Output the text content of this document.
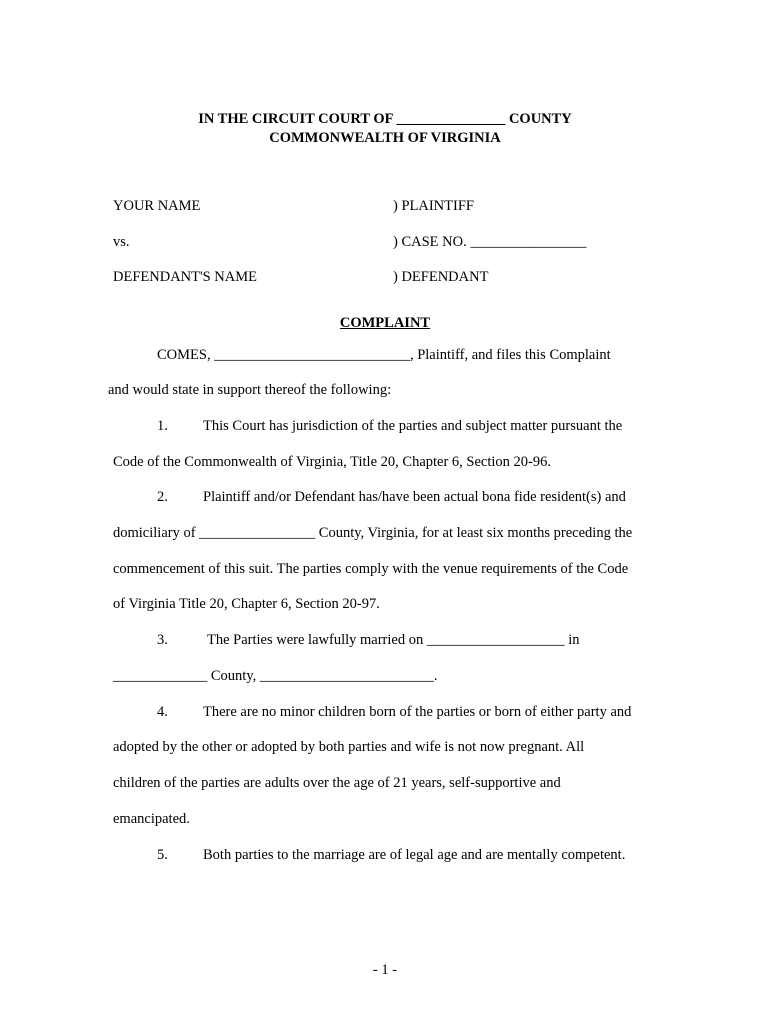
IN THE CIRCUIT COURT OF _______________ COUNTY
COMMONWEALTH OF VIRGINIA
YOUR NAME	) PLAINTIFF
vs.	) CASE NO. ________________
DEFENDANT'S NAME	) DEFENDANT
COMPLAINT
COMES, ___________________________, Plaintiff, and files this Complaint
and would state in support thereof the following:
1. This Court has jurisdiction of the parties and subject matter pursuant the
Code of the Commonwealth of Virginia, Title 20, Chapter 6, Section 20-96.
2. Plaintiff and/or Defendant has/have been actual bona fide resident(s) and
domiciliary of ________________ County, Virginia, for at least six months preceding the
commencement of this suit. The parties comply with the venue requirements of the Code
of Virginia Title 20, Chapter 6, Section 20-97.
3.	The Parties were lawfully married on ___________________ in
_____________ County, ________________________.
4. There are no minor children born of the parties or born of either party and
adopted by the other or adopted by both parties and wife is not now pregnant. All
children of the parties are adults over the age of 21 years, self-supportive and
emancipated.
5. Both parties to the marriage are of legal age and are mentally competent.
- 1 -
